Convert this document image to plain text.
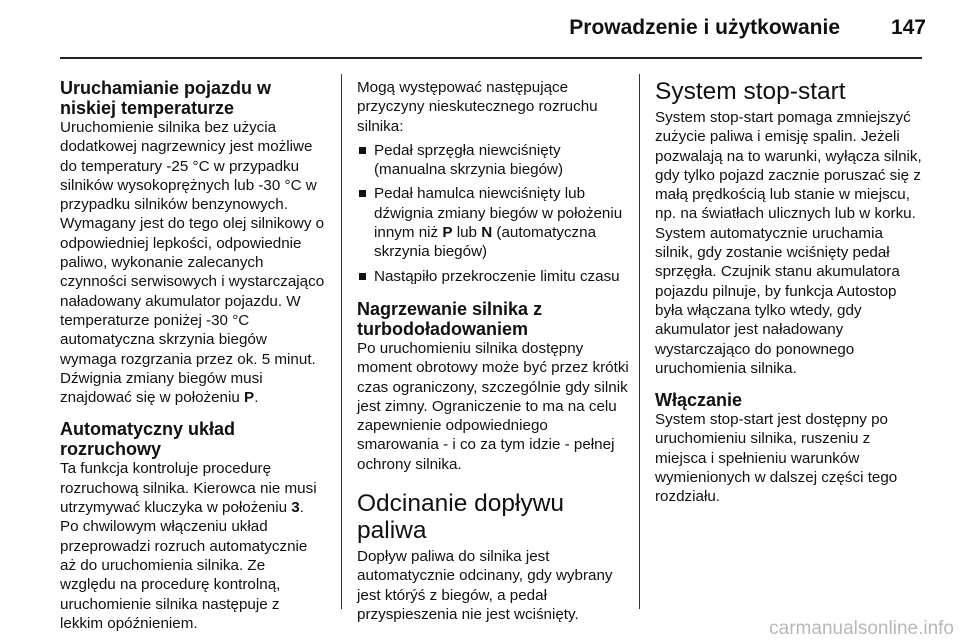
Prowadzenie i użytkowanie 147
Uruchamianie pojazdu w niskiej temperaturze

Uruchomienie silnika bez użycia dodatkowej nagrzewnicy jest możliwe do temperatury -25 °C w przypadku silników wysokoprężnych lub -30 °C w przypadku silników benzynowych. Wymagany jest do tego olej silnikowy o odpowiedniej lepkości, odpowiednie paliwo, wykonanie zalecanych czynności serwisowych i wystarczająco naładowany akumulator pojazdu. W temperaturze poniżej -30 °C automatyczna skrzynia biegów wymaga rozgrzania przez ok. 5 minut. Dźwignia zmiany biegów musi znajdować się w położeniu P.

Automatyczny układ rozruchowy

Ta funkcja kontroluje procedurę rozruchową silnika. Kierowca nie musi utrzymywać kluczyka w położeniu 3. Po chwilowym włączeniu układ przeprowadzi rozruch automatycznie aż do uruchomienia silnika. Ze względu na procedurę kontrolną, uruchomienie silnika następuje z lekkim opóźnieniem.

Mogą występować następujące przyczyny nieskutecznego rozruchu silnika:

Pedał sprzęgła niewciśnięty (manualna skrzynia biegów)
Pedał hamulca niewciśnięty lub dźwignia zmiany biegów w położeniu innym niż P lub N (automatyczna skrzynia biegów)
Nastąpiło przekroczenie limitu czasu
Nagrzewanie silnika z turbodoładowaniem

Po uruchomieniu silnika dostępny moment obrotowy może być przez krótki czas ograniczony, szczególnie gdy silnik jest zimny. Ograniczenie to ma na celu zapewnienie odpowiedniego smarowania - i co za tym idzie - pełnej ochrony silnika.

Odcinanie dopływu paliwa

Dopływ paliwa do silnika jest automatycznie odcinany, gdy wybrany jest którýś z biegów, a pedał przyspieszenia nie jest wciśnięty.

System stop-start

System stop-start pomaga zmniejszyć zużycie paliwa i emisję spalin. Jeżeli pozwalają na to warunki, wyłącza silnik, gdy tylko pojazd zacznie poruszać się z małą prędkością lub stanie w miejscu, np. na światłach ulicznych lub w korku. System automatycznie uruchamia silnik, gdy zostanie wciśnięty pedał sprzęgła. Czujnik stanu akumulatora pojazdu pilnuje, by funkcja Autostop była włączana tylko wtedy, gdy akumulator jest naładowany wystarczająco do ponownego uruchomienia silnika.

Włączanie

System stop-start jest dostępny po uruchomieniu silnika, ruszeniu z miejsca i spełnieniu warunków wymienionych w dalszej części tego rozdziału.

carmanualsonline.info
